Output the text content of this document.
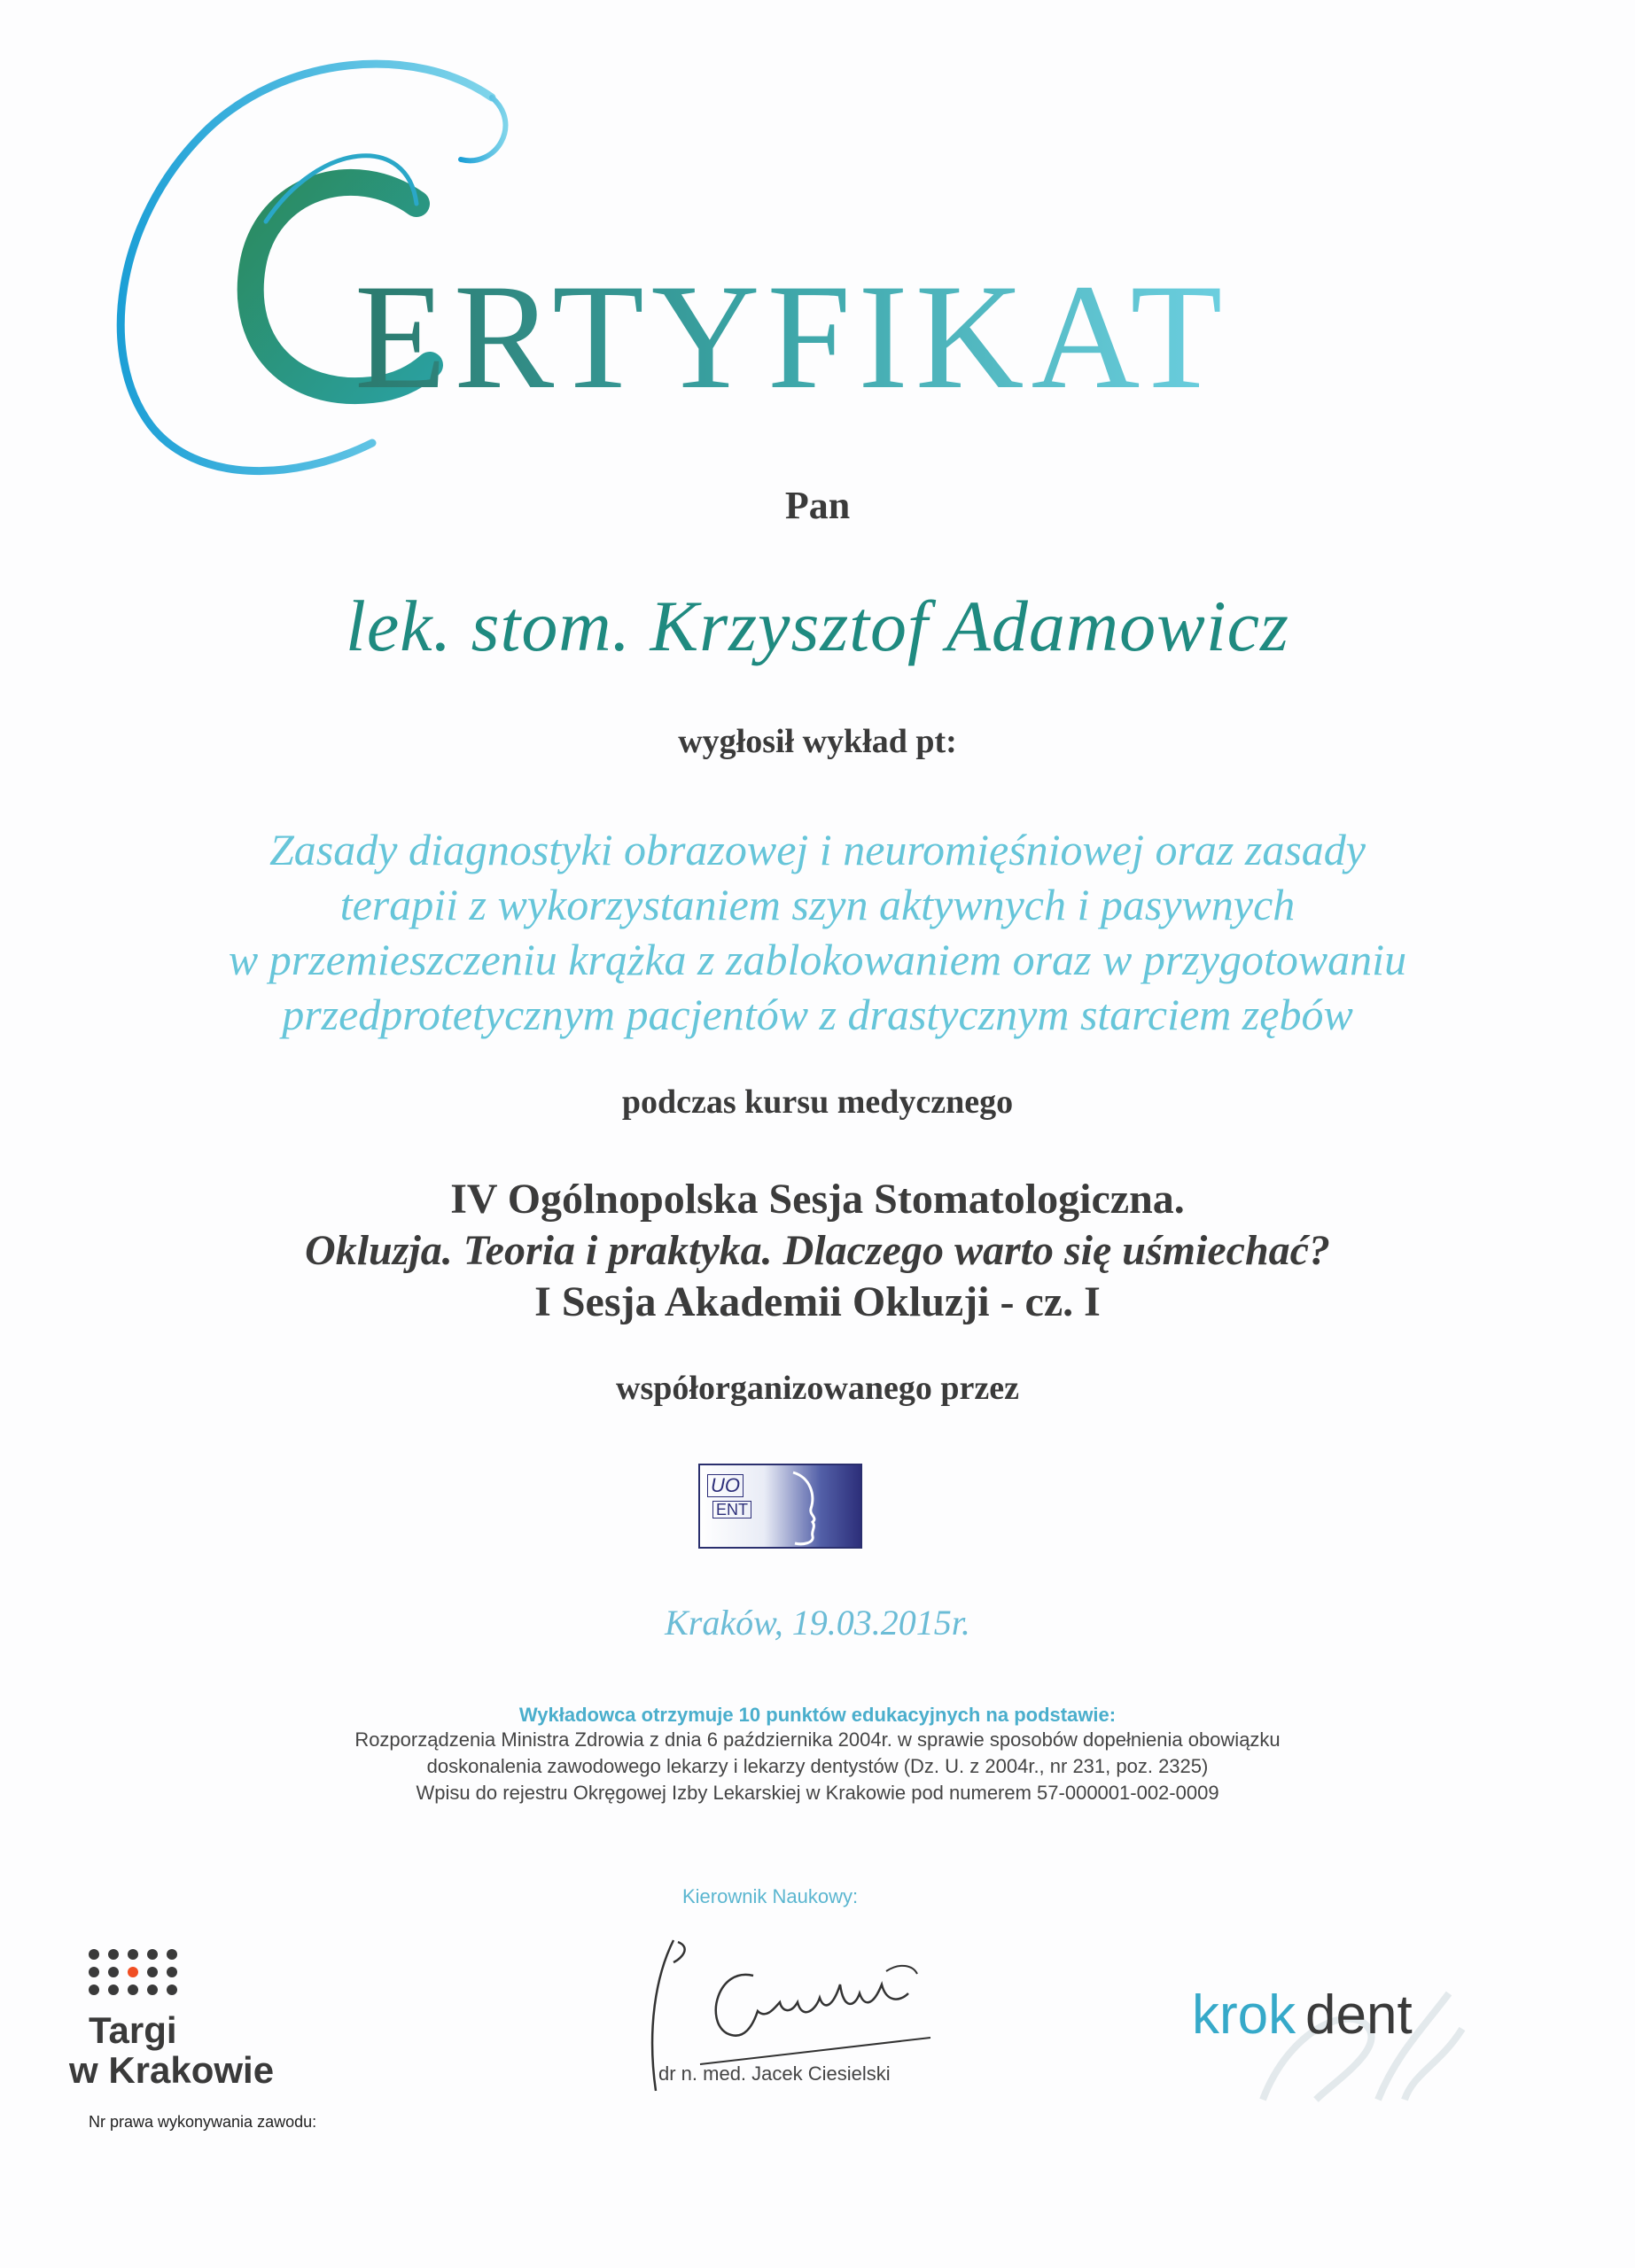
ERTYFIKAT
Pan
lek. stom. Krzysztof Adamowicz
wygłosił wykład pt:
Zasady diagnostyki obrazowej i neuromięśniowej oraz zasady
terapii z wykorzystaniem szyn aktywnych i pasywnych
w przemieszczeniu krążka z zablokowaniem oraz w przygotowaniu
przedprotetycznym pacjentów z drastycznym starciem zębów
podczas kursu medycznego
IV Ogólnopolska Sesja Stomatologiczna.
Okluzja. Teoria i praktyka. Dlaczego warto się uśmiechać?
I Sesja Akademii Okluzji - cz. I
współorganizowanego przez
UO
ENT
Kraków, 19.03.2015r.
Wykładowca otrzymuje 10 punktów edukacyjnych na podstawie:
Rozporządzenia Ministra Zdrowia z dnia 6 października 2004r. w sprawie sposobów dopełnienia obowiązku
doskonalenia zawodowego lekarzy i lekarzy dentystów (Dz. U. z 2004r., nr 231, poz. 2325)
Wpisu do rejestru Okręgowej Izby Lekarskiej w Krakowie pod numerem 57-000001-002-0009
Kierownik Naukowy:
dr n. med. Jacek Ciesielski
Targi
w Krakowie
Nr prawa wykonywania zawodu:
krok dent
